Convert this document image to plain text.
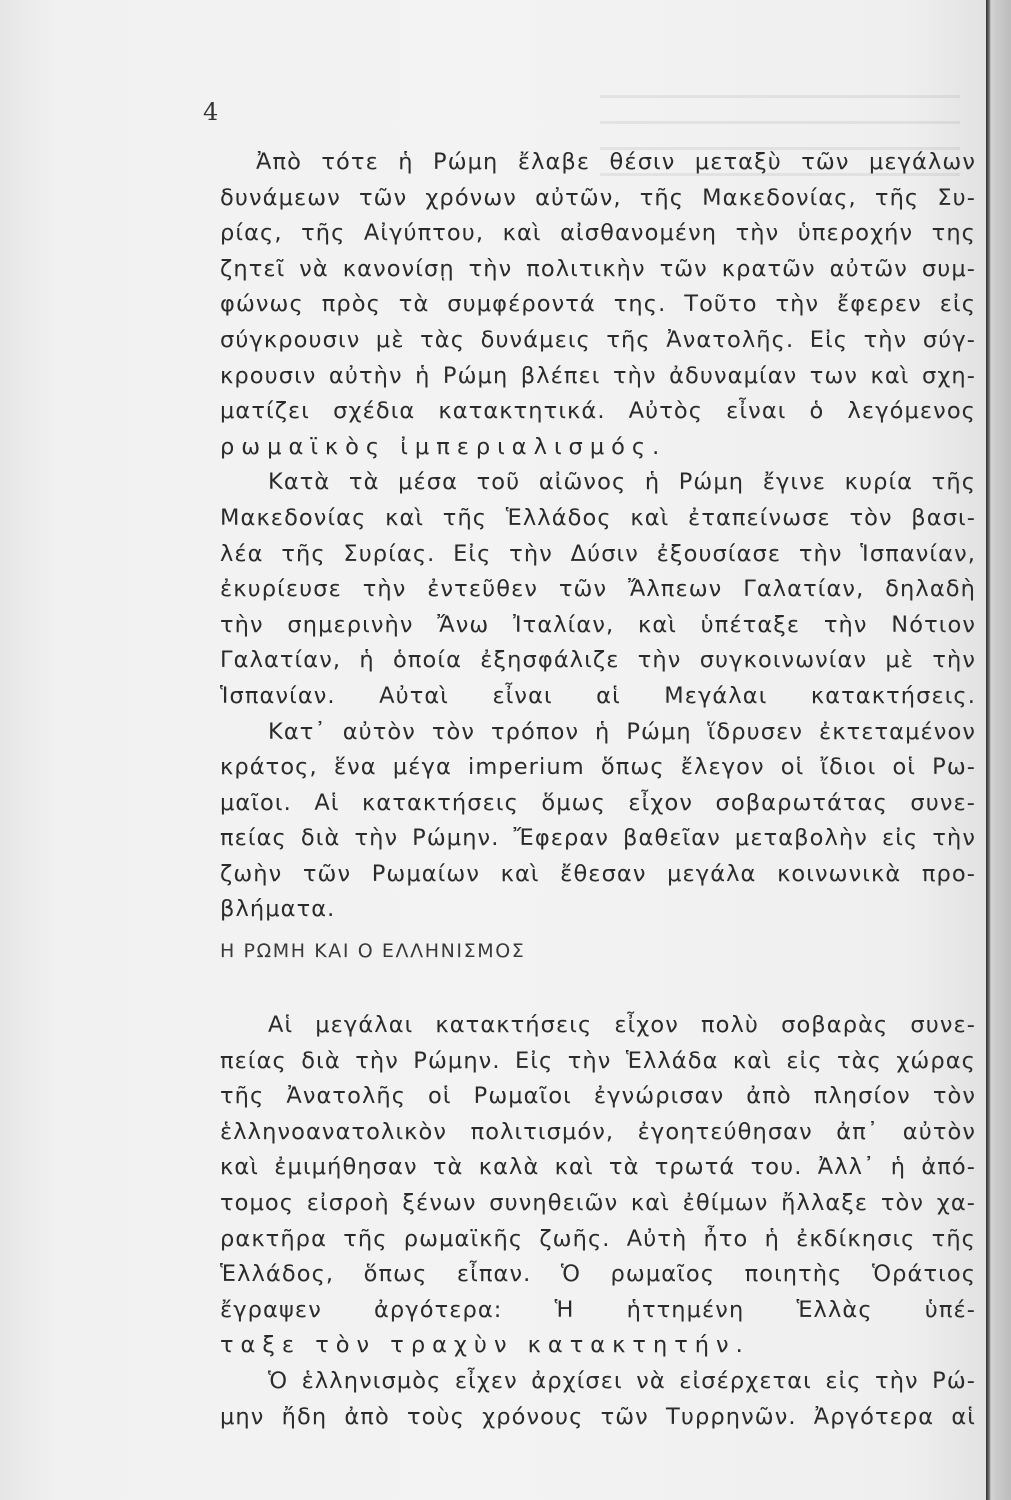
4
Ἀπὸ τότε ἡ Ρώμη ἔλαβε θέσιν μεταξὺ τῶν μεγάλων
δυνάμεων τῶν χρόνων αὐτῶν, τῆς Μακεδονίας, τῆς Συ-
ρίας, τῆς Αἰγύπτου, καὶ αἰσθανομένη τὴν ὑπεροχήν της
ζητεῖ νὰ κανονίσῃ τὴν πολιτικὴν τῶν κρατῶν αὐτῶν συμ-
φώνως πρὸς τὰ συμφέροντά της. Τοῦτο τὴν ἔφερεν εἰς
σύγκρουσιν μὲ τὰς δυνάμεις τῆς Ἀνατολῆς. Εἰς τὴν σύγ-
κρουσιν αὐτὴν ἡ Ρώμη βλέπει τὴν ἀδυναμίαν των καὶ σχη-
ματίζει σχέδια κατακτητικά. Αὐτὸς εἶναι ὁ λεγόμενος
ρωμαϊκὸς ἰμπεριαλισμός.
Κατὰ τὰ μέσα τοῦ αἰῶνος ἡ Ρώμη ἔγινε κυρία τῆς
Μακεδονίας καὶ τῆς Ἑλλάδος καὶ ἐταπείνωσε τὸν βασι-
λέα τῆς Συρίας. Εἰς τὴν Δύσιν ἐξουσίασε τὴν Ἱσπανίαν,
ἐκυρίευσε τὴν ἐντεῦθεν τῶν Ἄλπεων Γαλατίαν, δηλαδὴ
τὴν σημερινὴν Ἄνω Ἰταλίαν, καὶ ὑπέταξε τὴν Νότιον
Γαλατίαν, ἡ ὁποία ἐξησφάλιζε τὴν συγκοινωνίαν μὲ τὴν
Ἱσπανίαν. Αὐταὶ εἶναι αἱ Μεγάλαι κατακτήσεις.
Κατ᾿ αὐτὸν τὸν τρόπον ἡ Ρώμη ἵδρυσεν ἐκτεταμένον
κράτος, ἕνα μέγα imperium ὅπως ἔλεγον οἱ ἴδιοι οἱ Ρω-
μαῖοι. Αἱ κατακτήσεις ὅμως εἶχον σοβαρωτάτας συνε-
πείας διὰ τὴν Ρώμην. Ἔφεραν βαθεῖαν μεταβολὴν εἰς τὴν
ζωὴν τῶν Ρωμαίων καὶ ἔθεσαν μεγάλα κοινωνικὰ προ-
βλήματα.
Η ΡΩΜΗ ΚΑΙ Ο ΕΛΛΗΝΙΣΜΟΣ
Αἱ μεγάλαι κατακτήσεις εἶχον πολὺ σοβαρὰς συνε-
πείας διὰ τὴν Ρώμην. Εἰς τὴν Ἑλλάδα καὶ εἰς τὰς χώρας
τῆς Ἀνατολῆς οἱ Ρωμαῖοι ἐγνώρισαν ἀπὸ πλησίον τὸν
ἑλληνοανατολικὸν πολιτισμόν, ἐγοητεύθησαν ἀπ᾿ αὐτὸν
καὶ ἐμιμήθησαν τὰ καλὰ καὶ τὰ τρωτά του. Ἀλλ᾿ ἡ ἀπό-
τομος εἰσροὴ ξένων συνηθειῶν καὶ ἐθίμων ἤλλαξε τὸν χα-
ρακτῆρα τῆς ρωμαϊκῆς ζωῆς. Αὐτὴ ἦτο ἡ ἐκδίκησις τῆς
Ἑλλάδος, ὅπως εἶπαν. Ὁ ρωμαῖος ποιητὴς Ὁράτιος
ἔγραψεν ἀργότερα: Ἡ ἡττημένη Ἑλλὰς ὑπέ-
ταξε τὸν τραχὺν κατακτητήν.
Ὁ ἑλληνισμὸς εἶχεν ἀρχίσει νὰ εἰσέρχεται εἰς τὴν Ρώ-
μην ἤδη ἀπὸ τοὺς χρόνους τῶν Τυρρηνῶν. Ἀργότερα αἱ
